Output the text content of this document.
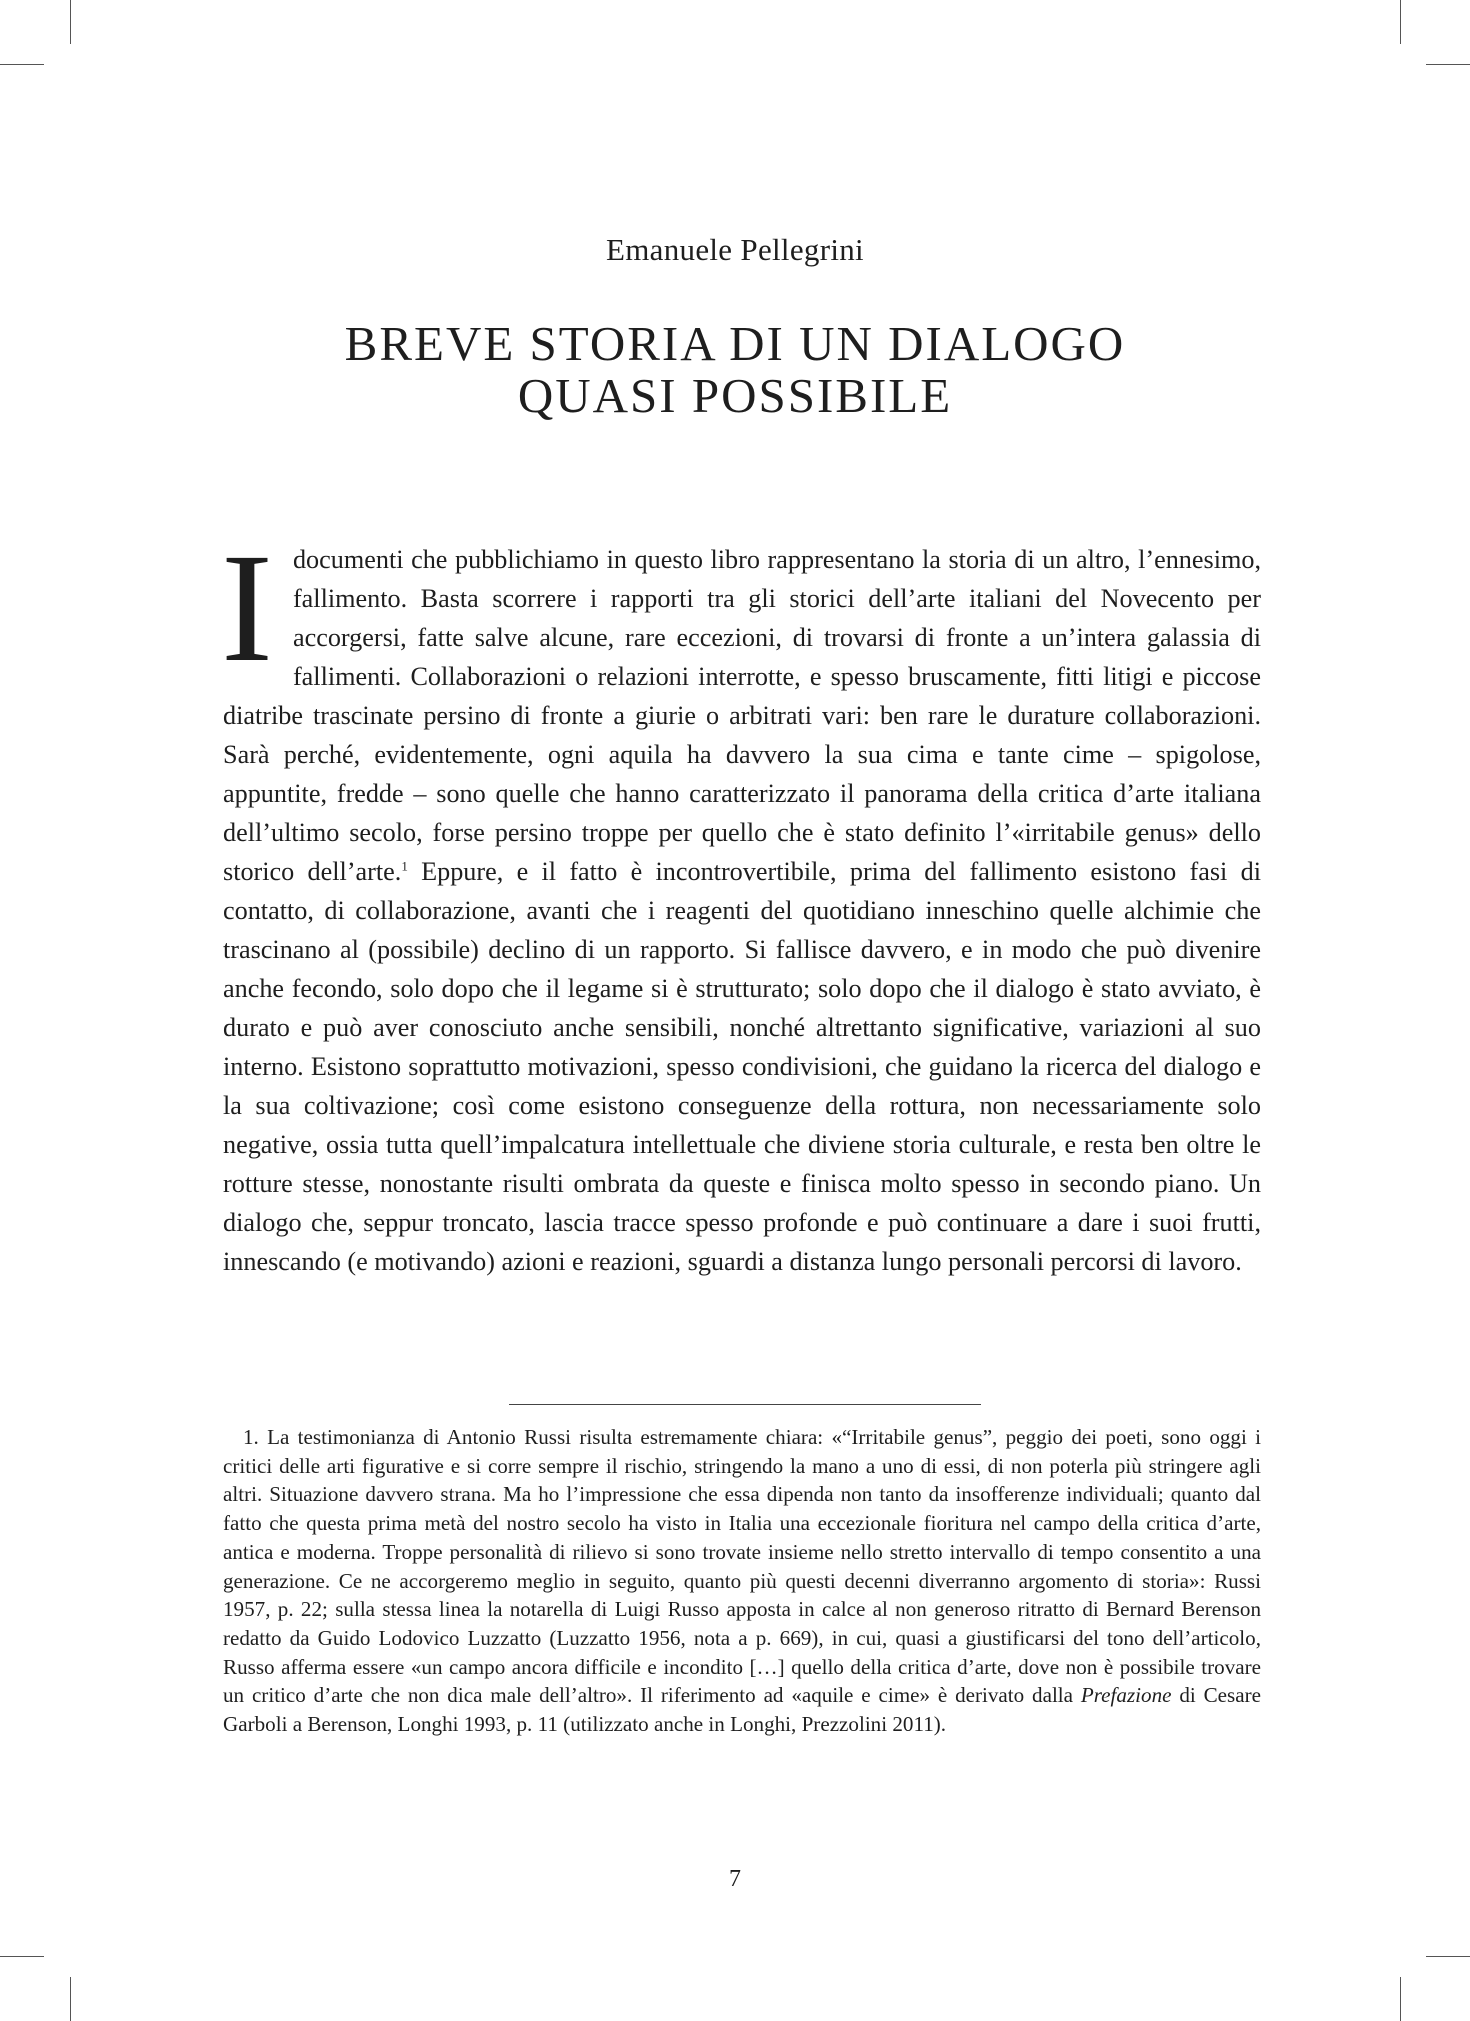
Emanuele Pellegrini
BREVE STORIA DI UN DIALOGO
QUASI POSSIBILE

Idocumenti che pubblichiamo in questo libro rappresentano la storia di un altro, l’ennesimo, fallimento. Basta scorrere i rapporti tra gli storici dell’arte italiani del Novecento per accorgersi, fatte salve alcune, rare eccezioni, di trovarsi di fronte a un’intera galassia di fallimenti. Collaborazioni o relazioni interrotte, e spesso bruscamente, fitti litigi e piccose diatribe trascinate persino di fronte a giurie o arbitrati vari: ben rare le durature collaborazioni. Sarà perché, evidentemente, ogni aquila ha davvero la sua cima e tante cime – spigolose, appuntite, fredde – sono quelle che hanno caratterizzato il panorama della critica d’arte italiana dell’ultimo secolo, forse persino troppe per quello che è stato definito l’«irritabile genus» dello storico dell’arte.$^1$ Eppure, e il fatto è incontrovertibile, prima del fallimento esistono fasi di contatto, di collaborazione, avanti che i reagenti del quotidiano inneschino quelle alchimie che trascinano al (possibile) declino di un rapporto. Si fallisce davvero, e in modo che può divenire anche fecondo, solo dopo che il legame si è strutturato; solo dopo che il dialogo è stato avviato, è durato e può aver conosciuto anche sensibili, nonché altrettanto significative, variazioni al suo interno. Esistono soprattutto motivazioni, spesso condivisioni, che guidano la ricerca del dialogo e la sua coltivazione; così come esistono conseguenze della rottura, non necessariamente solo negative, ossia tutta quell’impalcatura intellettuale che diviene storia culturale, e resta ben oltre le rotture stesse, nonostante risulti ombrata da queste e finisca molto spesso in secondo piano. Un dialogo che, seppur troncato, lascia tracce spesso profonde e può continuare a dare i suoi frutti, innescando (e motivando) azioni e reazioni, sguardi a distanza lungo personali percorsi di lavoro.

1. La testimonianza di Antonio Russi risulta estremamente chiara: «“Irritabile genus”, peggio dei poeti, sono oggi i critici delle arti figurative e si corre sempre il rischio, stringendo la mano a uno di essi, di non poterla più stringere agli altri. Situazione davvero strana. Ma ho l’impressione che essa dipenda non tanto da insofferenze individuali; quanto dal fatto che questa prima metà del nostro secolo ha visto in Italia una eccezionale fioritura nel campo della critica d’arte, antica e moderna. Troppe personalità di rilievo si sono trovate insieme nello stretto intervallo di tempo consentito a una generazione. Ce ne accorgeremo meglio in seguito, quanto più questi decenni diverranno argomento di storia»: Russi 1957, p. 22; sulla stessa linea la notarella di Luigi Russo apposta in calce al non generoso ritratto di Bernard Berenson redatto da Guido Lodovico Luzzatto (Luzzatto 1956, nota a p. 669), in cui, quasi a giustificarsi del tono dell’articolo, Russo afferma essere «un campo ancora difficile e incondito […] quello della critica d’arte, dove non è possibile trovare un critico d’arte che non dica male dell’altro». Il riferimento ad «aquile e cime» è derivato dalla Prefazione di Cesare Garboli a Berenson, Longhi 1993, p. 11 (utilizzato anche in Longhi, Prezzolini 2011).

7
